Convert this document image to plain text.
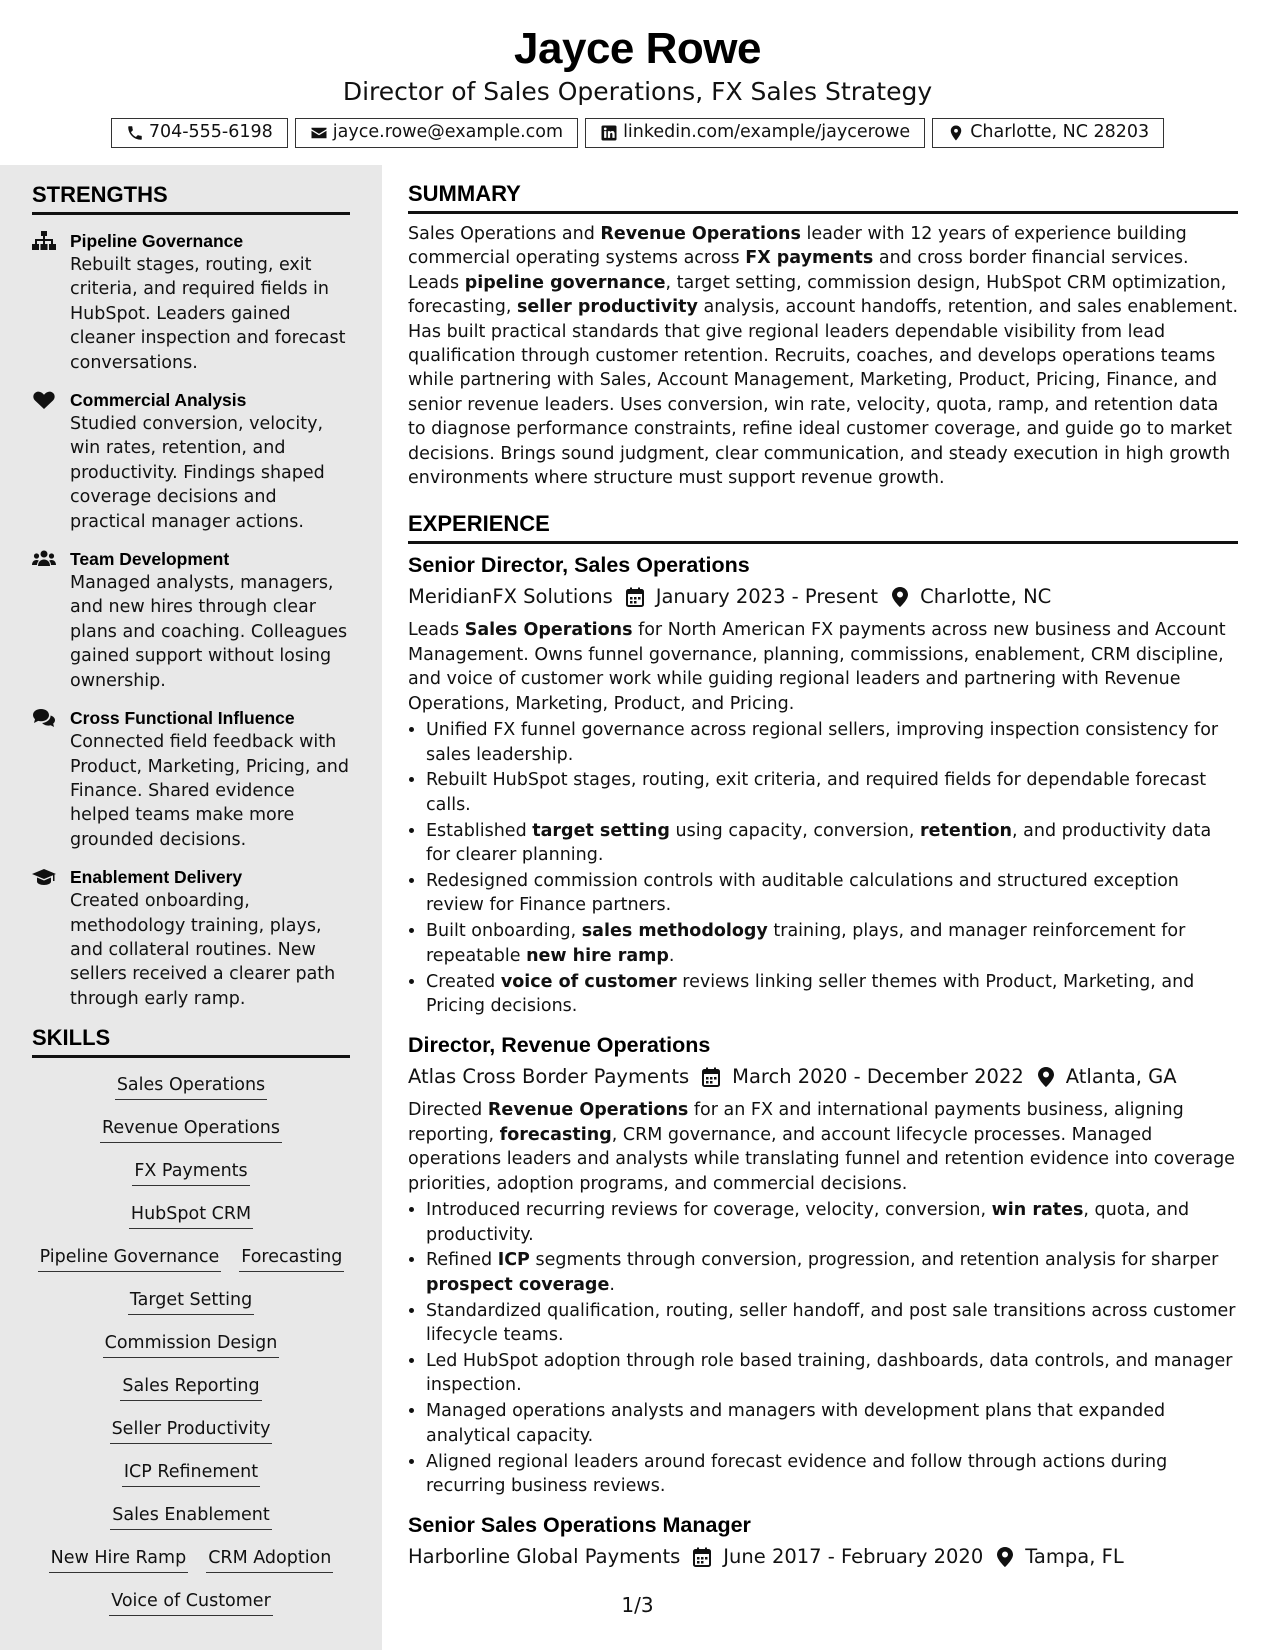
Jayce Rowe
Director of Sales Operations, FX Sales Strategy
704-555-6198	jayce.rowe@example.com	linkedin.com/example/jaycerowe	Charlotte, NC 28203
STRENGTHS
Pipeline Governance
Rebuilt stages, routing, exit criteria, and required fields in HubSpot. Leaders gained cleaner inspection and forecast conversations.
Commercial Analysis
Studied conversion, velocity, win rates, retention, and productivity. Findings shaped coverage decisions and practical manager actions.
Team Development
Managed analysts, managers, and new hires through clear plans and coaching. Colleagues gained support without losing ownership.
Cross Functional Influence
Connected field feedback with Product, Marketing, Pricing, and Finance. Shared evidence helped teams make more grounded decisions.
Enablement Delivery
Created onboarding, methodology training, plays, and collateral routines. New sellers received a clearer path through early ramp.
SKILLS
Sales Operations
Revenue Operations
FX Payments
HubSpot CRM
Pipeline Governance Forecasting
Target Setting
Commission Design
Sales Reporting
Seller Productivity
ICP Refinement
Sales Enablement
New Hire Ramp CRM Adoption
Voice of Customer
SUMMARY
Sales Operations and Revenue Operations leader with 12 years of experience building commercial operating systems across FX payments and cross border financial services. Leads pipeline governance, target setting, commission design, HubSpot CRM optimization, forecasting, seller productivity analysis, account handoffs, retention, and sales enablement. Has built practical standards that give regional leaders dependable visibility from lead qualification through customer retention. Recruits, coaches, and develops operations teams while partnering with Sales, Account Management, Marketing, Product, Pricing, Finance, and senior revenue leaders. Uses conversion, win rate, velocity, quota, ramp, and retention data to diagnose performance constraints, refine ideal customer coverage, and guide go to market decisions. Brings sound judgment, clear communication, and steady execution in high growth environments where structure must support revenue growth.
EXPERIENCE
Senior Director, Sales Operations
MeridianFX Solutions January 2023 - Present Charlotte, NC
Leads Sales Operations for North American FX payments across new business and Account Management. Owns funnel governance, planning, commissions, enablement, CRM discipline, and voice of customer work while guiding regional leaders and partnering with Revenue Operations, Marketing, Product, and Pricing.
• Unified FX funnel governance across regional sellers, improving inspection consistency for sales leadership.
• Rebuilt HubSpot stages, routing, exit criteria, and required fields for dependable forecast calls.
• Established target setting using capacity, conversion, retention, and productivity data for clearer planning.
• Redesigned commission controls with auditable calculations and structured exception review for Finance partners.
• Built onboarding, sales methodology training, plays, and manager reinforcement for repeatable new hire ramp.
• Created voice of customer reviews linking seller themes with Product, Marketing, and Pricing decisions.
Director, Revenue Operations
Atlas Cross Border Payments March 2020 - December 2022 Atlanta, GA
Directed Revenue Operations for an FX and international payments business, aligning reporting, forecasting, CRM governance, and account lifecycle processes. Managed operations leaders and analysts while translating funnel and retention evidence into coverage priorities, adoption programs, and commercial decisions.
• Introduced recurring reviews for coverage, velocity, conversion, win rates, quota, and productivity.
• Refined ICP segments through conversion, progression, and retention analysis for sharper prospect coverage.
• Standardized qualification, routing, seller handoff, and post sale transitions across customer lifecycle teams.
• Led HubSpot adoption through role based training, dashboards, data controls, and manager inspection.
• Managed operations analysts and managers with development plans that expanded analytical capacity.
• Aligned regional leaders around forecast evidence and follow through actions during recurring business reviews.
Senior Sales Operations Manager
Harborline Global Payments June 2017 - February 2020 Tampa, FL
1/3
